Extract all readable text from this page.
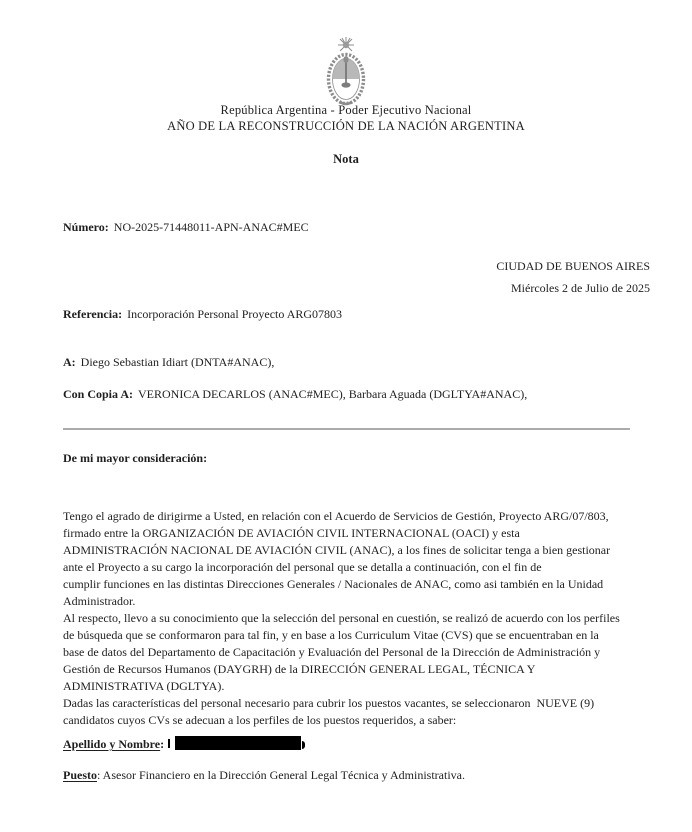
República Argentina - Poder Ejecutivo Nacional
AÑO DE LA RECONSTRUCCIÓN DE LA NACIÓN ARGENTINA
Nota
Número: NO-2025-71448011-APN-ANAC#MEC
CIUDAD DE BUENOS AIRES
Miércoles 2 de Julio de 2025
Referencia: Incorporación Personal Proyecto ARG07803
A: Diego Sebastian Idiart (DNTA#ANAC),
Con Copia A: VERONICA DECARLOS (ANAC#MEC), Barbara Aguada (DGLTYA#ANAC),
De mi mayor consideración:
Tengo el agrado de dirigirme a Usted, en relación con el Acuerdo de Servicios de Gestión, Proyecto ARG/07/803,
firmado entre la ORGANIZACIÓN DE AVIACIÓN CIVIL INTERNACIONAL (OACI) y esta
ADMINISTRACIÓN NACIONAL DE AVIACIÓN CIVIL (ANAC), a los fines de solicitar tenga a bien gestionar
ante el Proyecto a su cargo la incorporación del personal que se detalla a continuación, con el fin de
cumplir funciones en las distintas Direcciones Generales / Nacionales de ANAC, como asi también en la Unidad
Administrador.
Al respecto, llevo a su conocimiento que la selección del personal en cuestión, se realizó de acuerdo con los perfiles
de búsqueda que se conformaron para tal fin, y en base a los Curriculum Vitae (CVS) que se encuentraban en la
base de datos del Departamento de Capacitación y Evaluación del Personal de la Dirección de Administración y
Gestión de Recursos Humanos (DAYGRH) de la DIRECCIÓN GENERAL LEGAL, TÉCNICA Y
ADMINISTRATIVA (DGLTYA).
Dadas las características del personal necesario para cubrir los puestos vacantes, se seleccionaron  NUEVE (9)
candidatos cuyos CVs se adecuan a los perfiles de los puestos requeridos, a saber:
Apellido y Nombre:
Puesto: Asesor Financiero en la Dirección General Legal Técnica y Administrativa.
